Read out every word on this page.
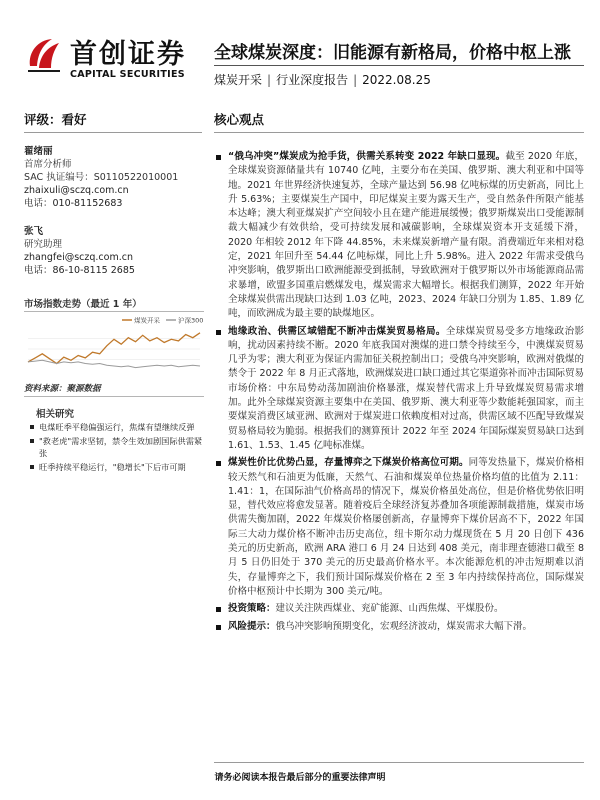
首创证券
CAPITAL SECURITIES
全球煤炭深度：旧能源有新格局，价格中枢上涨
煤炭开采 | 行业深度报告 | 2022.08.25
评级：看好
翟绪丽
首席分析师
SAC 执证编号：S0110522010001
zhaixuli@sczq.com.cn
电话：010-81152683
张飞
研究助理
zhangfei@sczq.com.cn
电话：86-10-8115 2685
市场指数走势（最近 1 年）
煤炭开采	沪深300
资料来源：聚源数据
相关研究
电煤旺季平稳偏强运行，焦煤有望继续反弹
"救老虎"需求坚韧，禁令生效加剧国际供需紧张
旺季持续平稳运行，"稳增长"下后市可期
核心观点
“俄乌冲突”煤炭成为抢手货，供需关系转变 2022 年缺口显现。截至 2020 年底，全球煤炭资源储量共有 10740 亿吨，主要分布在美国、俄罗斯、澳大利亚和中国等地。2021 年世界经济快速复苏，全球产量达到 56.98 亿吨标煤的历史新高，同比上升 5.63%；主要煤炭生产国中，印尼煤炭主要为露天生产，受自然条件所限产能基本达峰；澳大利亚煤炭扩产空间较小且在建产能进展缓慢；俄罗斯煤炭出口受能源制裁大幅减少有效供给，受可持续发展和减碳影响，全球煤炭资本开支延缓下滑，2020 年相较 2012 年下降 44.85%，未来煤炭新增产量有限。消费端近年来相对稳定，2021 年回升至 54.44 亿吨标煤，同比上升 5.98%。进入 2022 年需求受俄乌冲突影响，俄罗斯出口欧洲能源受到抵制，导致欧洲对于俄罗斯以外市场能源商品需求暴增，欧盟多国重启燃煤发电，煤炭需求大幅增长。根据我们测算，2022 年开始全球煤炭供需出现缺口达到 1.03 亿吨，2023、2024 年缺口分别为 1.85、1.89 亿吨，而欧洲成为最主要的缺煤地区。
地缘政治、供需区域错配不断冲击煤炭贸易格局。全球煤炭贸易受多方地缘政治影响，扰动因素持续不断。2020 年底我国对澳煤的进口禁令持续至今，中澳煤炭贸易几乎为零；澳大利亚为保证内需加征关税控制出口；受俄乌冲突影响，欧洲对俄煤的禁令于 2022 年 8 月正式落地，欧洲煤炭进口缺口通过其它渠道弥补而冲击国际贸易市场价格：中东局势动荡加剧油价格暴涨，煤炭替代需求上升导致煤炭贸易需求增加。此外全球煤炭资源主要集中在美国、俄罗斯、澳大利亚等少数能耗强国家，而主要煤炭消费区域亚洲、欧洲对于煤炭进口依赖度相对过高，供需区域不匹配导致煤炭贸易格局较为脆弱。根据我们的测算预计 2022 年至 2024 年国际煤炭贸易缺口达到 1.61、1.53、1.45 亿吨标准煤。
煤炭性价比优势凸显，存量博弈之下煤炭价格高位可期。同等发热量下，煤炭价格相较天然气和石油更为低廉，天然气、石油和煤炭单位热量价格均值的比值为 2.11：1.41：1，在国际油气价格高昂的情况下，煤炭价格虽处高位，但是价格优势依旧明显，替代效应将愈发显著。随着疫后全球经济复苏叠加各项能源制裁措施，煤炭市场供需失衡加剧，2022 年煤炭价格屡创新高，存量博弈下煤价居高不下，2022 年国际三大动力煤价格不断冲击历史高位，纽卡斯尔动力煤现货在 5 月 20 日创下 436 美元的历史新高，欧洲 ARA 港口 6 月 24 日达到 408 美元，南非理查德港口截至 8 月 5 日仍旧处于 370 美元的历史最高价格水平。本次能源危机的冲击短期难以消失，存量博弈之下，我们预计国际煤炭价格在 2 至 3 年内持续保持高位，国际煤炭价格中枢预计中长期为 300 美元/吨。
投资策略：建议关注陕西煤业、兖矿能源、山西焦煤、平煤股份。
风险提示：俄乌冲突影响预期变化，宏观经济波动，煤炭需求大幅下滑。
请务必阅读本报告最后部分的重要法律声明
